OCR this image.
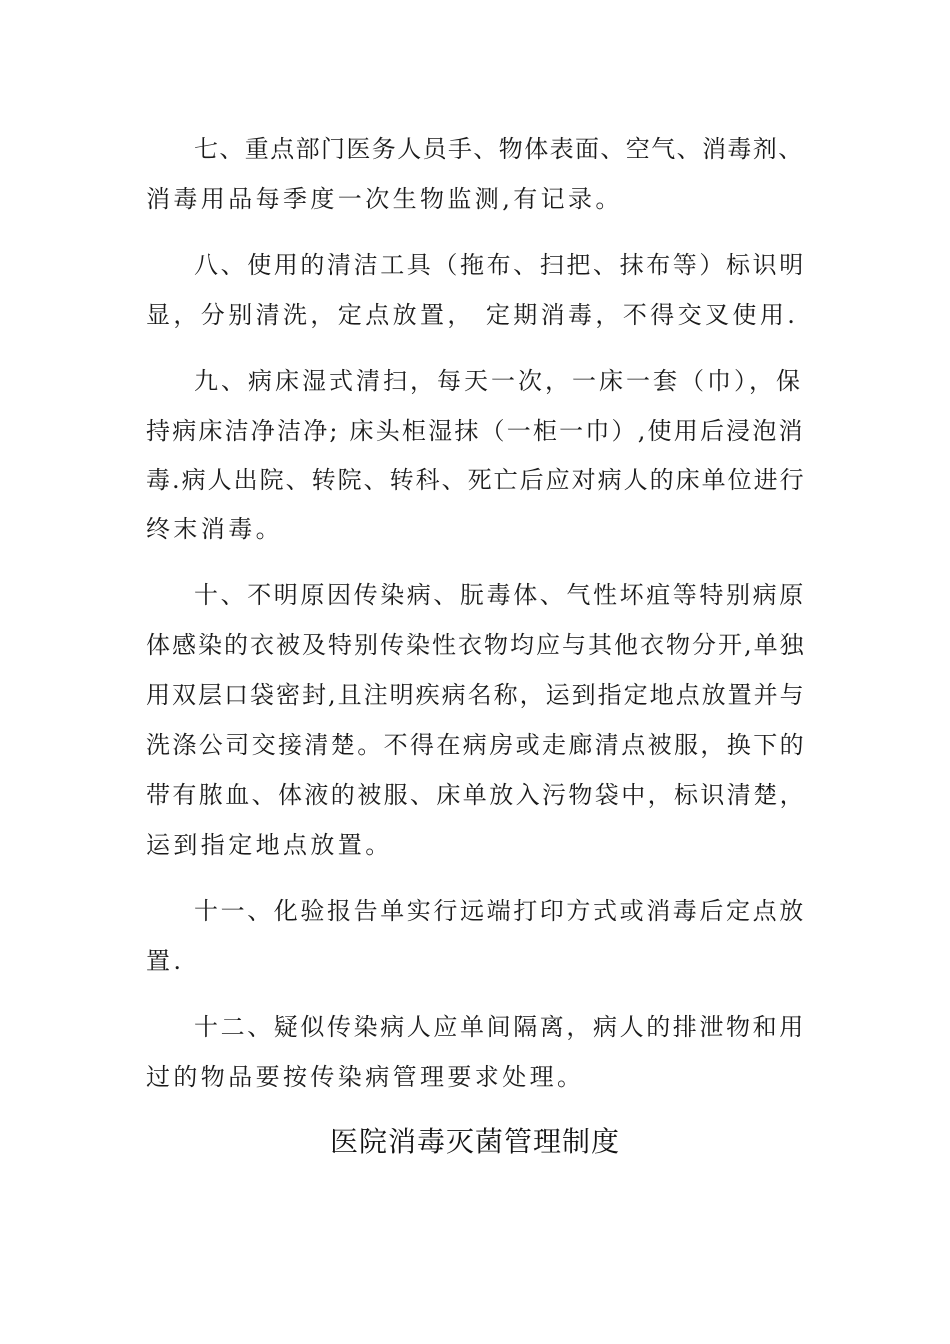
七、重点部门医务人员手、物体表面、空气、消毒剂、
消毒用品每季度一次生物监测,有记录。
八、使用的清洁工具（拖布、扫把、抹布等）标识明
显，分别清洗，定点放置， 定期消毒，不得交叉使用.
九、病床湿式清扫，每天一次，一床一套（巾），保
持病床洁净洁净; 床头柜湿抹（一柜一巾）,使用后浸泡消
毒.病人出院、转院、转科、死亡后应对病人的床单位进行
终末消毒。
十、不明原因传染病、朊毒体、气性坏疽等特别病原
体感染的衣被及特别传染性衣物均应与其他衣物分开,单独
用双层口袋密封,且注明疾病名称，运到指定地点放置并与
洗涤公司交接清楚。不得在病房或走廊清点被服，换下的
带有脓血、体液的被服、床单放入污物袋中，标识清楚，
运到指定地点放置。
十一、化验报告单实行远端打印方式或消毒后定点放
置.
十二、疑似传染病人应单间隔离，病人的排泄物和用
过的物品要按传染病管理要求处理。
医院消毒灭菌管理制度
